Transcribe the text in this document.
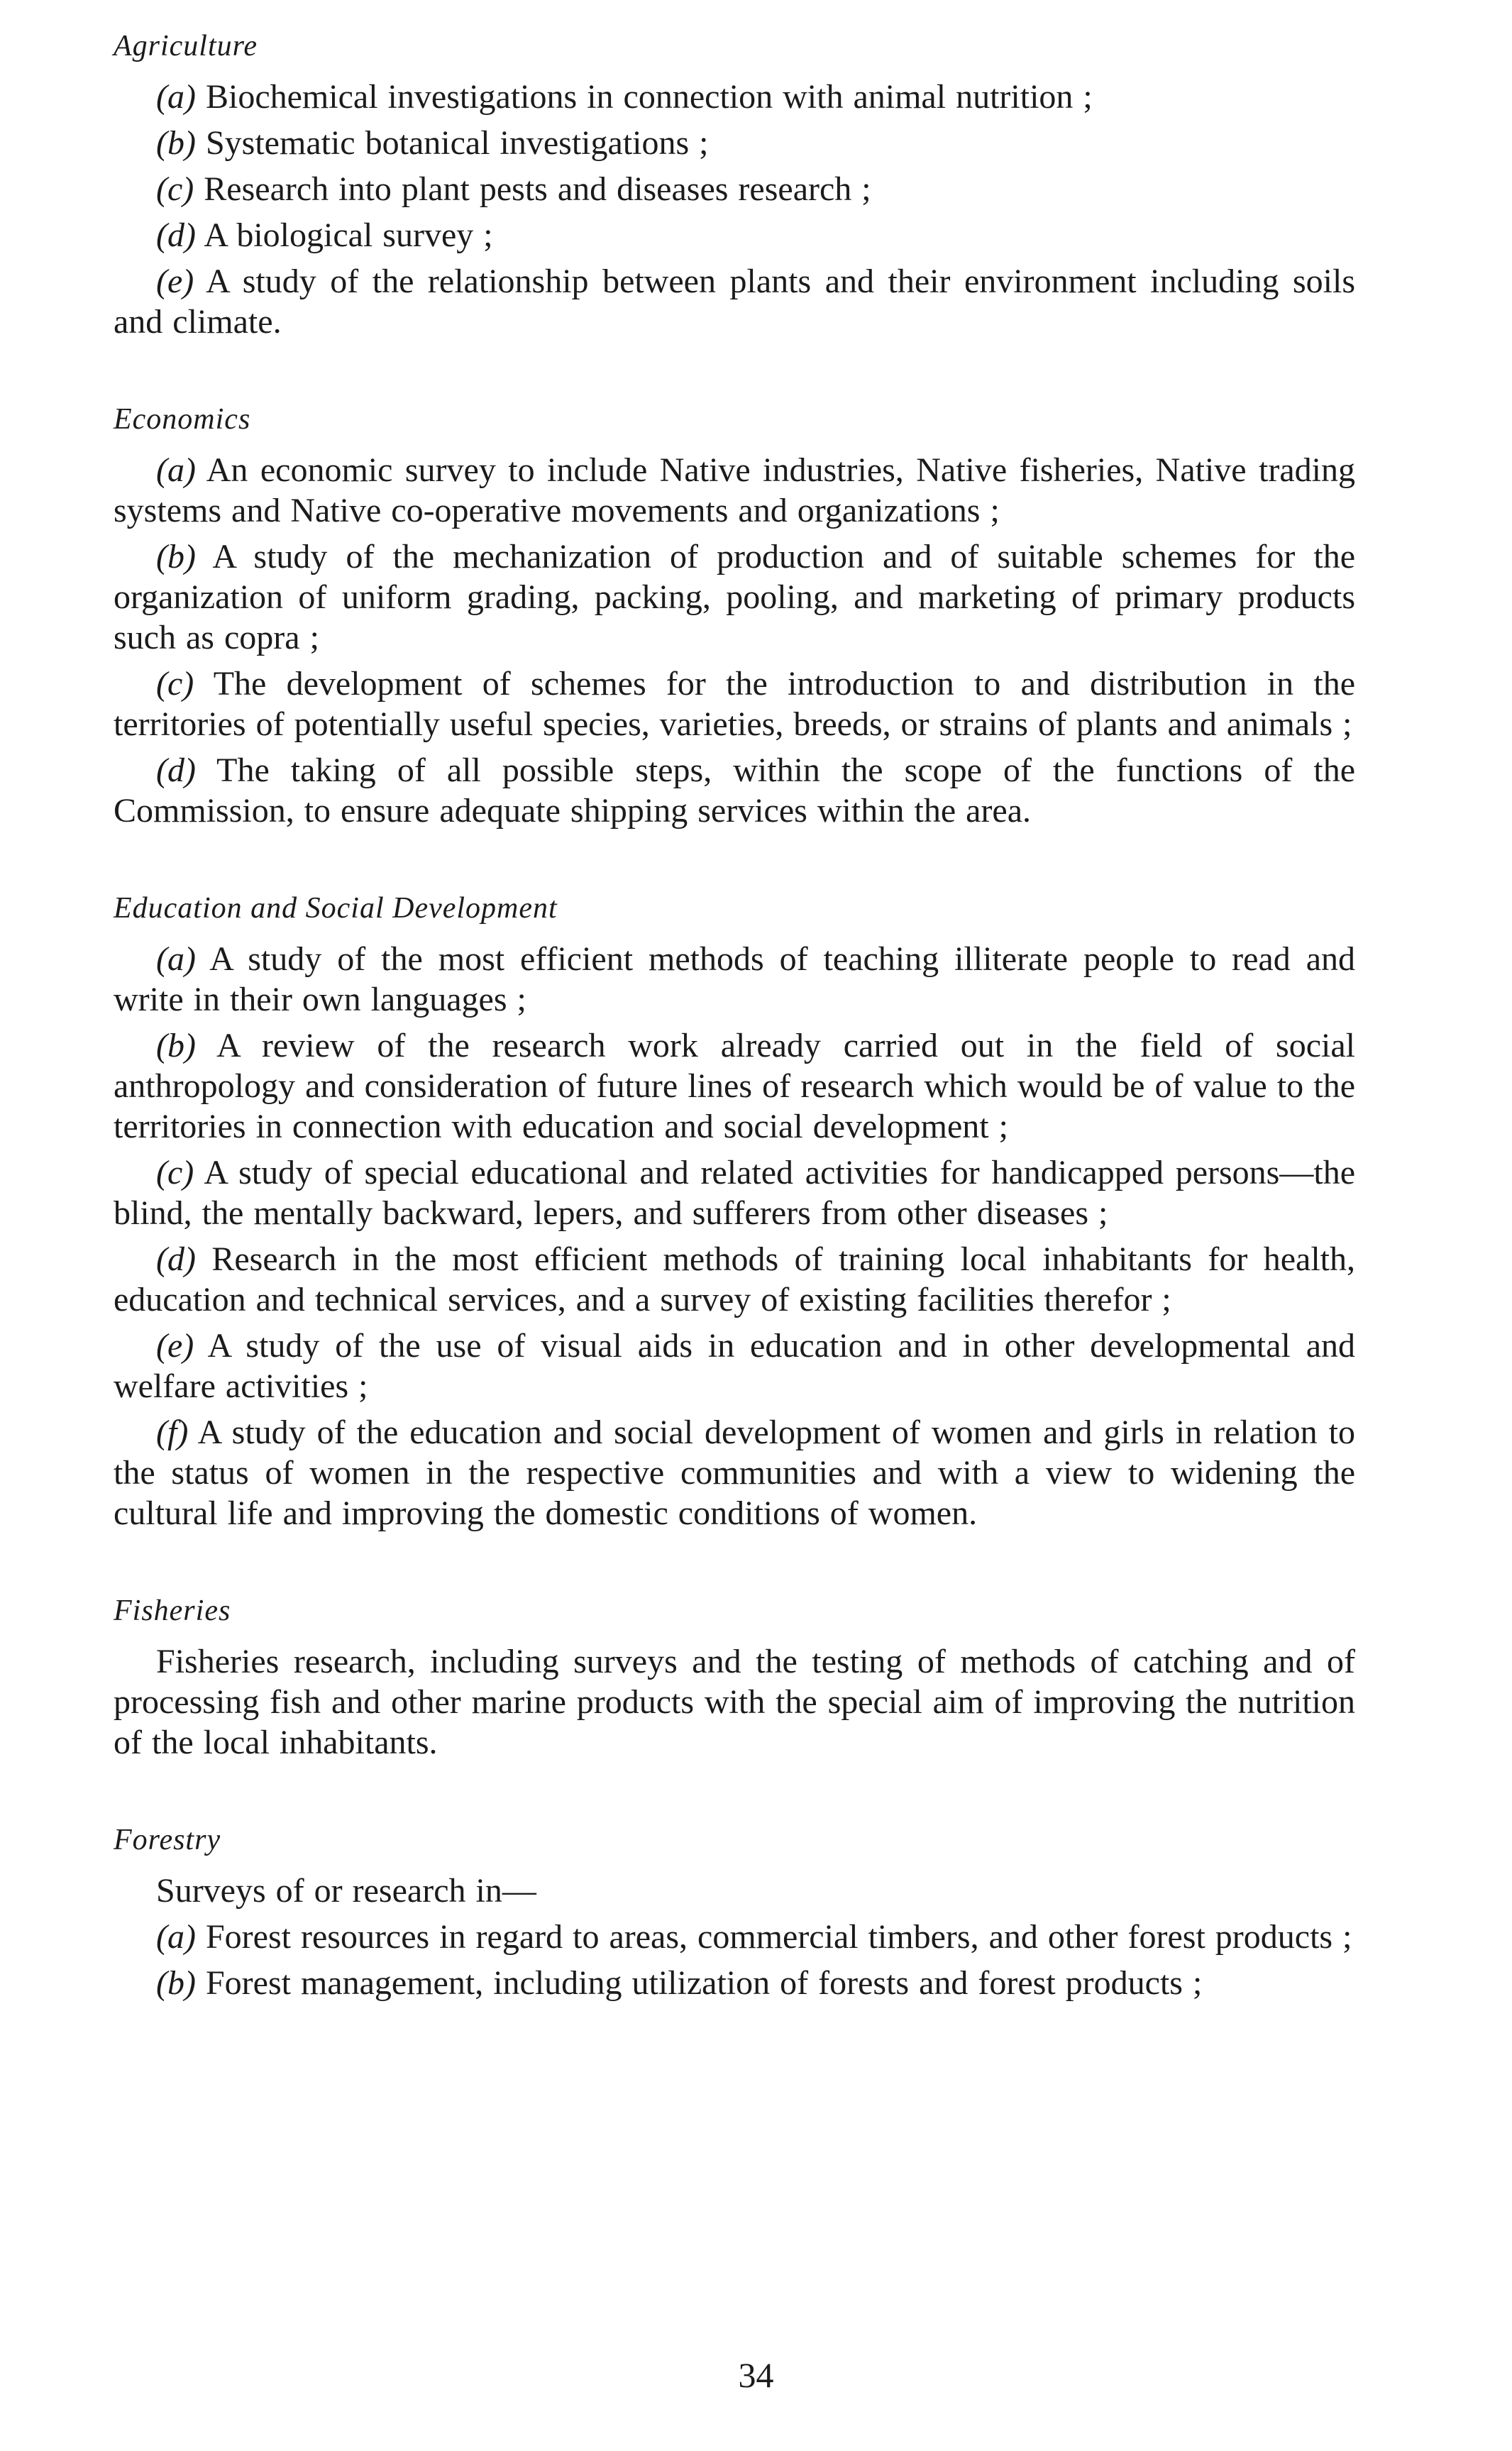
Agriculture

(a) Biochemical investigations in connection with animal nutrition ;

(b) Systematic botanical investigations ;

(c) Research into plant pests and diseases research ;

(d) A biological survey ;

(e) A study of the relationship between plants and their environment including soils and climate.

Economics

(a) An economic survey to include Native industries, Native fisheries, Native trading systems and Native co-operative movements and organizations ;

(b) A study of the mechanization of production and of suitable schemes for the organization of uniform grading, packing, pooling, and marketing of primary products such as copra ;

(c) The development of schemes for the introduction to and distribution in the territories of potentially useful species, varieties, breeds, or strains of plants and animals ;

(d) The taking of all possible steps, within the scope of the functions of the Commission, to ensure adequate shipping services within the area.

Education and Social Development

(a) A study of the most efficient methods of teaching illiterate people to read and write in their own languages ;

(b) A review of the research work already carried out in the field of social anthropology and consideration of future lines of research which would be of value to the territories in connection with education and social development ;

(c) A study of special educational and related activities for handicapped persons—the blind, the mentally backward, lepers, and sufferers from other diseases ;

(d) Research in the most efficient methods of training local inhabitants for health, education and technical services, and a survey of existing facilities therefor ;

(e) A study of the use of visual aids in education and in other developmental and welfare activities ;

(f) A study of the education and social development of women and girls in relation to the status of women in the respective communities and with a view to widening the cultural life and improving the domestic conditions of women.

Fisheries

Fisheries research, including surveys and the testing of methods of catching and of processing fish and other marine products with the special aim of improving the nutrition of the local inhabitants.

Forestry

Surveys of or research in—

(a) Forest resources in regard to areas, commercial timbers, and other forest products ;

(b) Forest management, including utilization of forests and forest products ;

34
